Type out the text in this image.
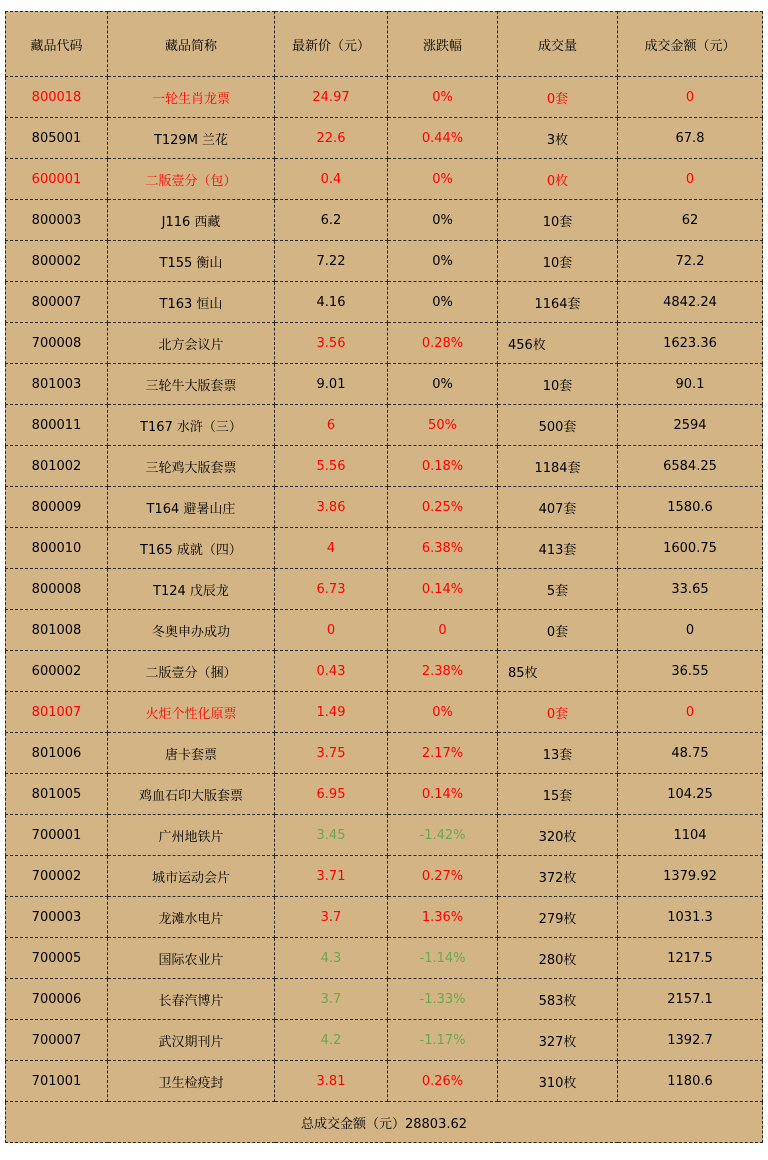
藏品代码	藏品简称	最新价（元）	涨跌幅	成交量	成交金额（元）
800018	一轮生肖龙票	24.97	0%	0套	0
805001	T129M 兰花	22.6	0.44%	3枚	67.8
600001	二版壹分（包）	0.4	0%	0枚	0
800003	J116 西藏	6.2	0%	10套	62
800002	T155 衡山	7.22	0%	10套	72.2
800007	T163 恒山	4.16	0%	1164套	4842.24
700008	北方会议片	3.56	0.28%	456枚	1623.36
801003	三轮牛大版套票	9.01	0%	10套	90.1
800011	T167 水浒（三）	6	50%	500套	2594
801002	三轮鸡大版套票	5.56	0.18%	1184套	6584.25
800009	T164 避暑山庄	3.86	0.25%	407套	1580.6
800010	T165 成就（四）	4	6.38%	413套	1600.75
800008	T124 戊辰龙	6.73	0.14%	5套	33.65
801008	冬奥申办成功	0	0	0套	0
600002	二版壹分（捆）	0.43	2.38%	85枚	36.55
801007	火炬个性化原票	1.49	0%	0套	0
801006	唐卡套票	3.75	2.17%	13套	48.75
801005	鸡血石印大版套票	6.95	0.14%	15套	104.25
700001	广州地铁片	3.45	-1.42%	320枚	1104
700002	城市运动会片	3.71	0.27%	372枚	1379.92
700003	龙滩水电片	3.7	1.36%	279枚	1031.3
700005	国际农业片	4.3	-1.14%	280枚	1217.5
700006	长春汽博片	3.7	-1.33%	583枚	2157.1
700007	武汉期刊片	4.2	-1.17%	327枚	1392.7
701001	卫生检疫封	3.81	0.26%	310枚	1180.6
总成交金额（元）28803.62					
